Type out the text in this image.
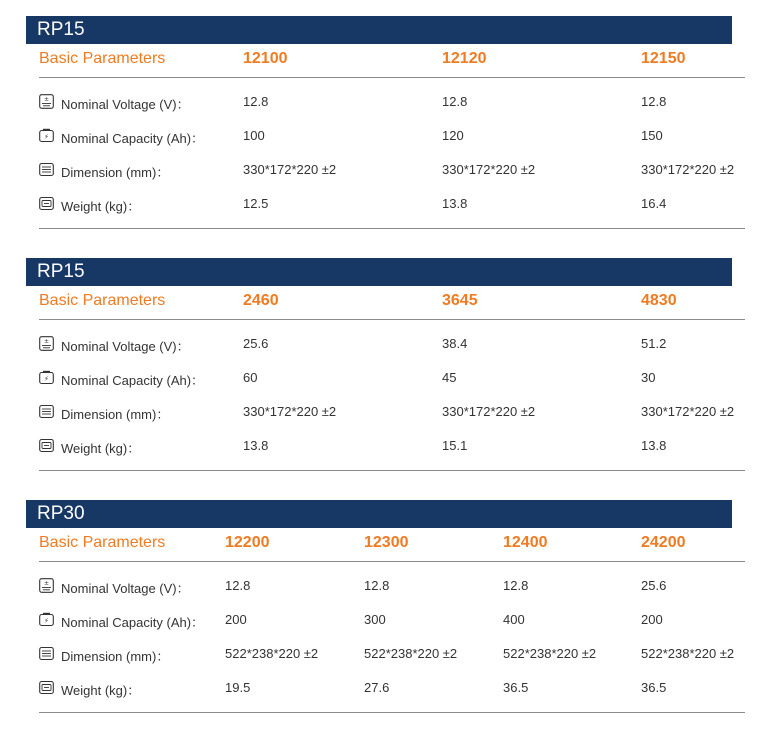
RP15
Basic Parameters	12100	12120	12150
± Nominal Voltage (V)：	12.8	12.8	12.8
⚡ Nominal Capacity (Ah)：	100	120	150
Dimension (mm)：	330*172*220 ±2	330*172*220 ±2	330*172*220 ±2
Weight (kg)：	12.5	13.8	16.4
RP15
Basic Parameters	2460	3645	4830
± Nominal Voltage (V)：	25.6	38.4	51.2
⚡ Nominal Capacity (Ah)：	60	45	30
Dimension (mm)：	330*172*220 ±2	330*172*220 ±2	330*172*220 ±2
Weight (kg)：	13.8	15.1	13.8
RP30
Basic Parameters	12200	12300	12400	24200
± Nominal Voltage (V)：	12.8	12.8	12.8	25.6
⚡ Nominal Capacity (Ah)： 200	300	400	200
Dimension (mm)：	522*238*220 ±2	522*238*220 ±2	522*238*220 ±2	522*238*220 ±2
Weight (kg)：	19.5	27.6	36.5	36.5
